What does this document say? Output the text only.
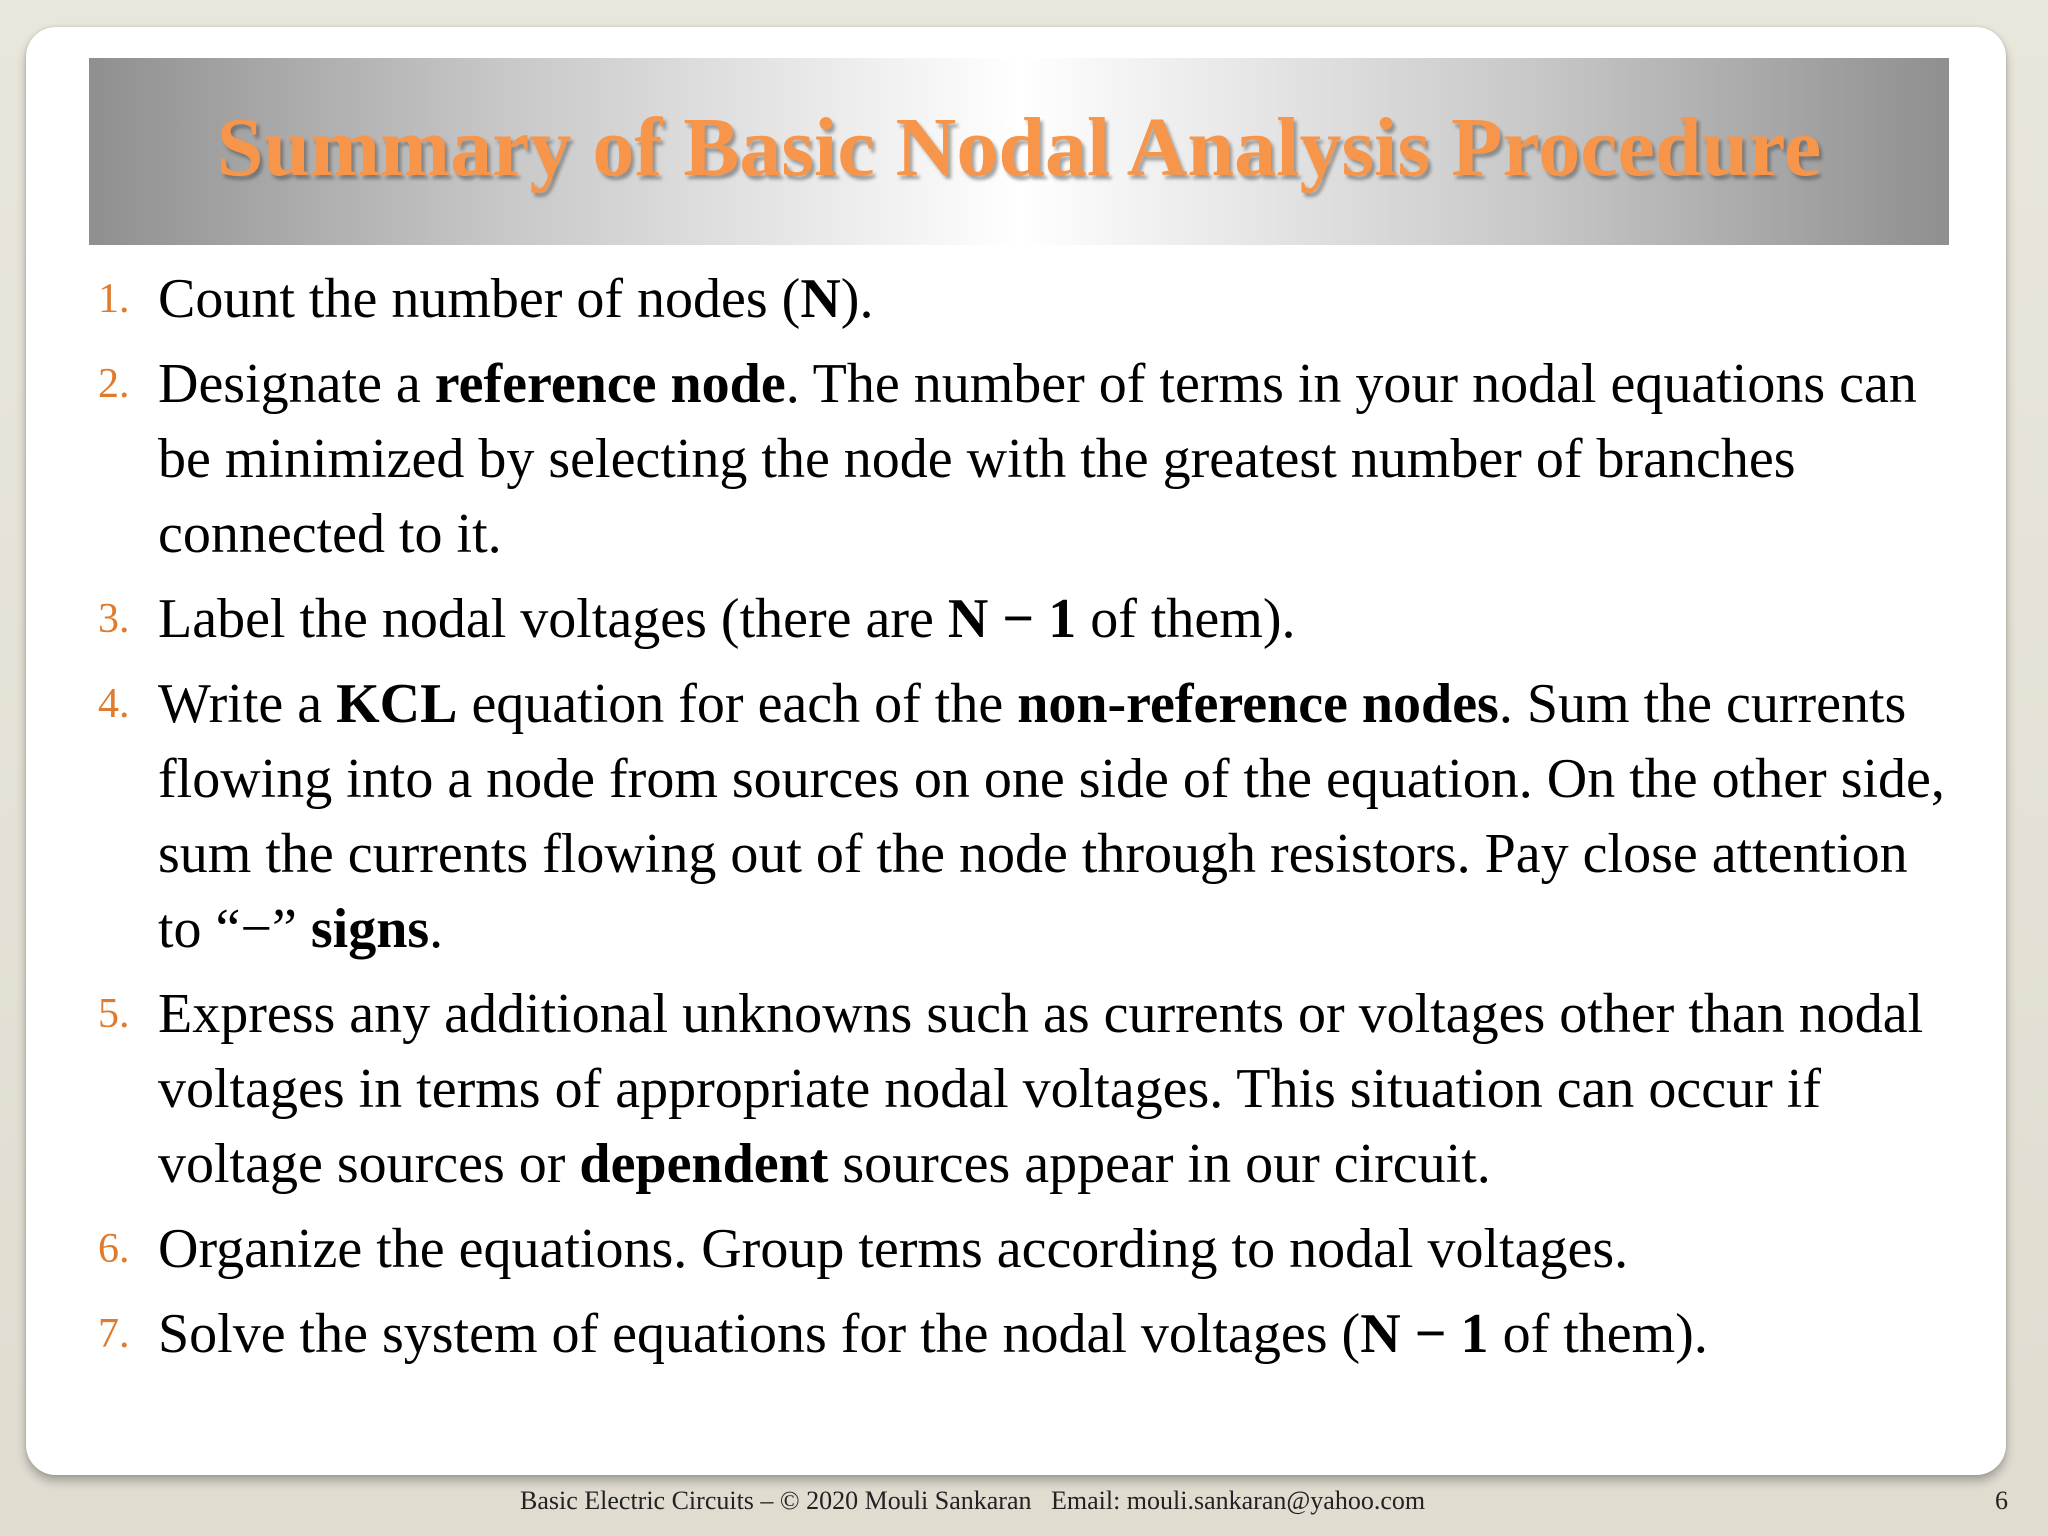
Summary of Basic Nodal Analysis Procedure
1. Count the number of nodes (N).
2. Designate a reference node. The number of terms in your nodal equations can be minimized by selecting the node with the greatest number of branches connected to it.
3. Label the nodal voltages (there are N − 1 of them).
4. Write a KCL equation for each of the non-reference nodes. Sum the currents flowing into a node from sources on one side of the equation. On the other side, sum the currents flowing out of the node through resistors. Pay close attention to “−” signs.
5. Express any additional unknowns such as currents or voltages other than nodal voltages in terms of appropriate nodal voltages. This situation can occur if voltage sources or dependent sources appear in our circuit.
6. Organize the equations. Group terms according to nodal voltages.
7. Solve the system of equations for the nodal voltages (N − 1 of them).
Basic Electric Circuits – © 2020 Mouli Sankaran   Email: mouli.sankaran@yahoo.com	6
